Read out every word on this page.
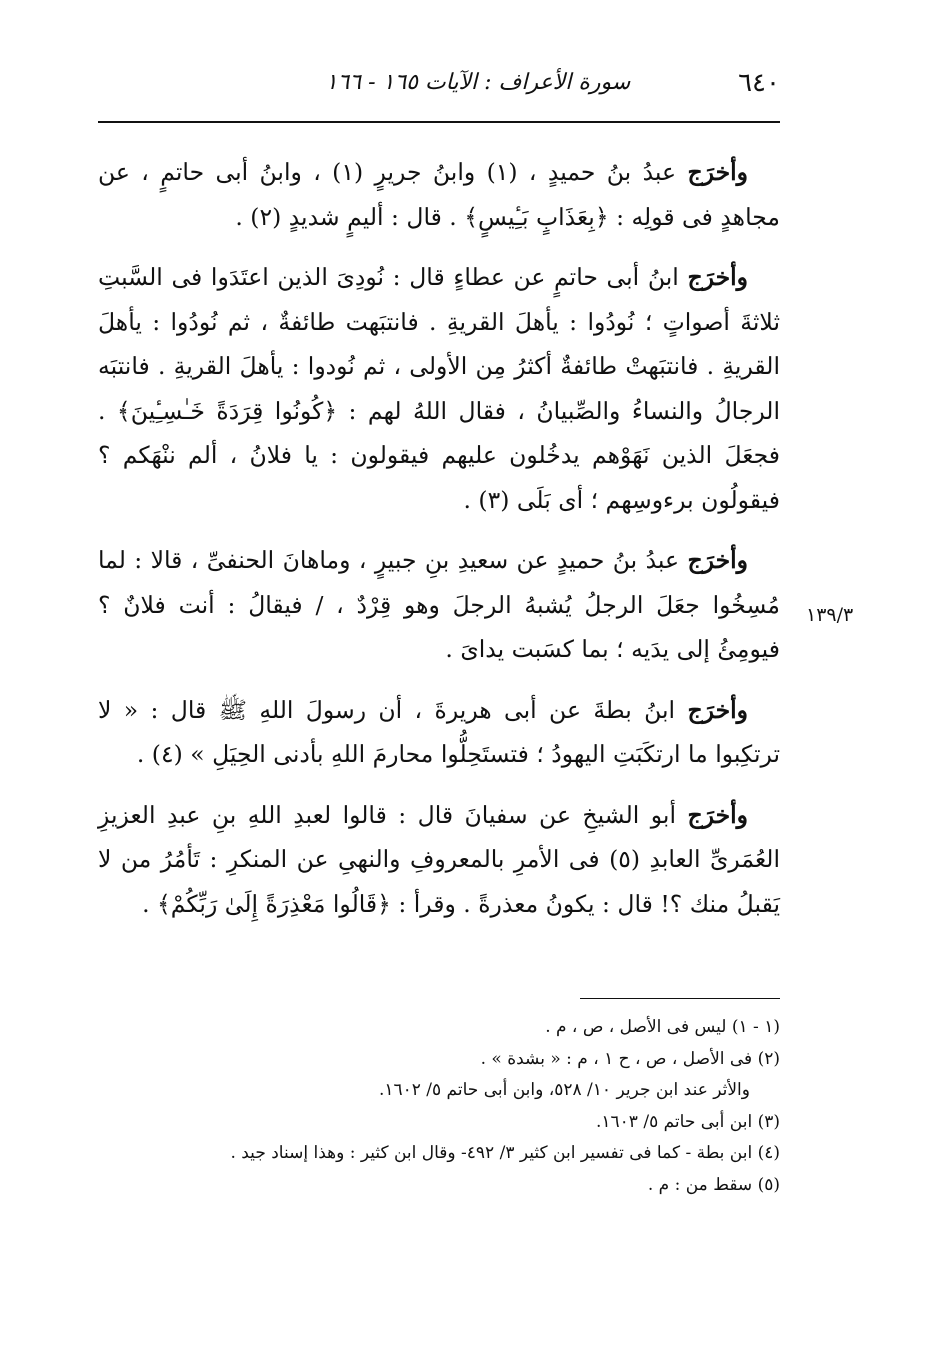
٦٤٠
سورة الأعراف : الآيات ١٦٥ - ١٦٦

وأخرَج عبدُ بنُ حميدٍ ، (١) وابنُ جريرٍ (١) ، وابنُ أبى حاتمٍ ، عن مجاهدٍ فى قولِه : ﴿بِعَذَابٍ بَـِٔيسٍ﴾ . قال : أليمٍ شديدٍ (٢) .

وأخرَج ابنُ أبى حاتمٍ عن عطاءٍ قال : نُودِىَ الذين اعتَدَوا فى السَّبتِ ثلاثةَ أصواتٍ ؛ نُودُوا : يأهلَ القريةِ . فانتبَهت طائفةٌ ، ثم نُودُوا : يأهلَ القريةِ . فانتبَهتْ طائفةٌ أكثرُ مِن الأولى ، ثم نُودوا : يأهلَ القريةِ . فانتبَه الرجالُ والنساءُ والصِّبيانُ ، فقال اللهُ لهم : ﴿كُونُوا قِرَدَةً خَـٰسِـِٔينَ﴾ . فجعَلَ الذين نَهَوْهم يدخُلون عليهم فيقولون : يا فلانُ ، ألم ننْهَكم ؟ فيقولُون برءوسِهم ؛ أى بَلَى (٣) .

وأخرَج عبدُ بنُ حميدٍ عن سعيدِ بنِ جبيرٍ ، وماهانَ الحنفىِّ ، قالا : لما مُسِخُوا جعَلَ الرجلُ يُشبهُ الرجلَ وهو قِرْدٌ ، / فيقالُ : أنت فلانٌ ؟ فيومِئُ إلى يدَيه ؛ بما كسَبت يداىَ .

وأخرَج ابنُ بطةَ عن أبى هريرةَ ، أن رسولَ اللهِ ﷺ قال : « لا ترتكِبوا ما ارتكَبَتِ اليهودُ ؛ فتستَحِلُّوا محارمَ اللهِ بأدنى الحِيَلِ » (٤) .

وأخرَج أبو الشيخِ عن سفيانَ قال : قالوا لعبدِ اللهِ بنِ عبدِ العزيزِ العُمَرىِّ العابدِ (٥) فى الأمرِ بالمعروفِ والنهىِ عن المنكرِ : تَأمُرُ من لا يَقبلُ منك ؟! قال : يكونُ معذرةً . وقرأ : ﴿قَالُوا مَعْذِرَةً إِلَىٰ رَبِّكُمْ﴾ .

١٣٩/٣

(١ - ١) ليس فى الأصل ، ص ، م .

(٢) فى الأصل ، ص ، ح ١ ، م : « بشدة » .

والأثر عند ابن جرير ١٠/ ٥٢٨، وابن أبى حاتم ٥/ ١٦٠٢.

(٣) ابن أبى حاتم ٥/ ١٦٠٣.

(٤) ابن بطة - كما فى تفسير ابن كثير ٣/ ٤٩٢- وقال ابن كثير : وهذا إسناد جيد .

(٥) سقط من : م .
